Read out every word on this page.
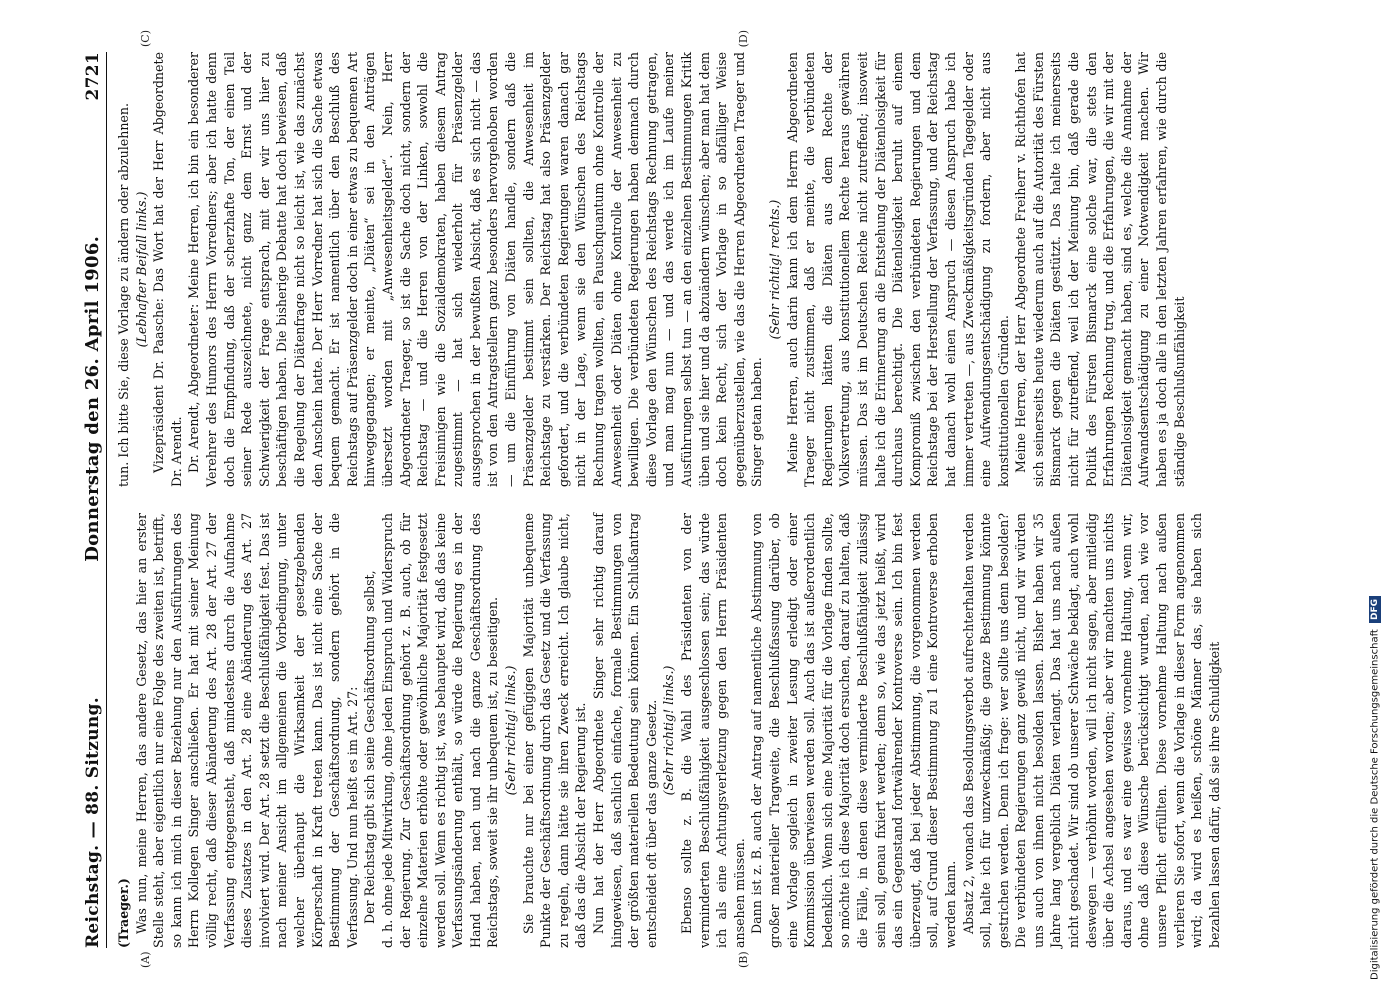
Reichstag. — 88. Sitzung.
Donnerstag den 26. April 1906.
2721
(A)	(B)

(Traeger.) Was nun, meine Herren, das andere Gesetz, das hier an erster Stelle steht, aber eigentlich nur eine Folge des zweiten ist, betrifft, so kann ich mich in dieser Beziehung nur den Ausführungen des Herrn Kollegen Singer anschließen. Er hat mit seiner Meinung völlig recht, daß dieser Abänderung des Art. 28 der Art. 27 der Verfassung entgegensteht, daß mindestens durch die Aufnahme dieses Zusatzes in den Art. 28 eine Abänderung des Art. 27 involviert wird. Der Art. 28 setzt die Beschlußfähigkeit fest. Das ist nach meiner Ansicht im allgemeinen die Vorbedingung, unter welcher überhaupt die Wirksamkeit der gesetzgebenden Körperschaft in Kraft treten kann. Das ist nicht eine Sache der Bestimmung der Geschäftsordnung, sondern gehört in die Verfassung. Und nun heißt es im Art. 27: Der Reichstag gibt sich seine Geschäftsordnung selbst, d. h. ohne jede Mitwirkung, ohne jeden Einspruch und Widerspruch der Regierung. Zur Geschäftsordnung gehört z. B. auch, ob für einzelne Materien erhöhte oder gewöhnliche Majorität festgesetzt werden soll. Wenn es richtig ist, was behauptet wird, daß das keine Verfassungsänderung enthält, so würde die Regierung es in der Hand haben, nach und nach die ganze Geschäftsordnung des Reichstags, soweit sie ihr unbequem ist, zu beseitigen. (Sehr richtig! links.) Sie brauchte nur bei einer gefügigen Majorität unbequeme Punkte der Geschäftsordnung durch das Gesetz und die Verfassung zu regeln, dann hätte sie ihren Zweck erreicht. Ich glaube nicht, daß das die Absicht der Regierung ist. Nun hat der Herr Abgeordnete Singer sehr richtig darauf hingewiesen, daß sachlich einfache, formale Bestimmungen von der größten materiellen Bedeutung sein können. Ein Schlußantrag entscheidet oft über das ganze Gesetz. (Sehr richtig! links.) Ebenso sollte z. B. die Wahl des Präsidenten von der verminderten Beschlußfähigkeit ausgeschlossen sein; das würde ich als eine Achtungsverletzung gegen den Herrn Präsidenten ansehen müssen. Dann ist z. B. auch der Antrag auf namentliche Abstimmung von großer materieller Tragweite, die Beschlußfassung darüber, ob eine Vorlage sogleich in zweiter Lesung erledigt oder einer Kommission überwiesen werden soll. Auch das ist außerordentlich bedenklich. Wenn sich eine Majorität für die Vorlage finden sollte, so möchte ich diese Majorität doch ersuchen, darauf zu halten, daß die Fälle, in denen diese verminderte Beschlußfähigkeit zulässig sein soll, genau fixiert werden; denn so, wie das jetzt heißt, wird das ein Gegenstand fortwährender Kontroverse sein. Ich bin fest überzeugt, daß bei jeder Abstimmung, die vorgenommen werden soll, auf Grund dieser Bestimmung zu 1 eine Kontroverse erhoben werden kann. Absatz 2, wonach das Besoldungsverbot aufrechterhalten werden soll, halte ich für unzweckmäßig; die ganze Bestimmung könnte gestrichen werden. Denn ich frage: wer sollte uns denn besolden? Die verbündeten Regierungen ganz gewiß nicht, und wir würden uns auch von ihnen nicht besolden lassen. Bisher haben wir 35 Jahre lang vergeblich Diäten verlangt. Das hat uns nach außen nicht geschadet. Wir sind ob unserer Schwäche beklagt, auch wohl deswegen — verhöhnt worden, will ich nicht sagen, aber mitleidig über die Achsel angesehen worden; aber wir machten uns nichts daraus, und es war eine gewisse vornehme Haltung, wenn wir, ohne daß diese Wünsche berücksichtigt wurden, nach wie vor unsere Pflicht erfüllten. Diese vornehme Haltung nach außen verlieren Sie sofort, wenn die Vorlage in dieser Form angenommen wird; da wird es heißen, schöne Männer das, sie haben sich bezahlen lassen dafür, daß sie ihre Schuldigkeit

(C)	(D)

tun. Ich bitte Sie, diese Vorlage zu ändern oder abzulehnen. (Lebhafter Beifall links.) Vizepräsident Dr. Paasche: Das Wort hat der Herr Abgeordnete Dr. Arendt. Dr. Arendt, Abgeordneter: Meine Herren, ich bin ein besonderer Verehrer des Humors des Herrn Vorredners; aber ich hatte denn doch die Empfindung, daß der scherzhafte Ton, der einen Teil seiner Rede auszeichnete, nicht ganz dem Ernst und der Schwierigkeit der Frage entsprach, mit der wir uns hier zu beschäftigen haben. Die bisherige Debatte hat doch bewiesen, daß die Regelung der Diätenfrage nicht so leicht ist, wie das zunächst den Anschein hatte. Der Herr Vorredner hat sich die Sache etwas bequem gemacht. Er ist namentlich über den Beschluß des Reichstags auf Präsenzgelder doch in einer etwas zu bequemen Art hinweggegangen; er meinte, „Diäten“ sei in den Anträgen übersetzt worden mit „Anwesenheitsgelder“. Nein, Herr Abgeordneter Traeger, so ist die Sache doch nicht, sondern der Reichstag — und die Herren von der Linken, sowohl die Freisinnigen wie die Sozialdemokraten, haben diesem Antrag zugestimmt — hat sich wiederholt für Präsenzgelder ausgesprochen in der bewußten Absicht, daß es sich nicht — das ist von den Antragstellern ganz besonders hervorgehoben worden — um die Einführung von Diäten handle, sondern daß die Präsenzgelder bestimmt sein sollten, die Anwesenheit im Reichstage zu verstärken. Der Reichstag hat also Präsenzgelder gefordert, und die verbündeten Regierungen waren danach gar nicht in der Lage, wenn sie den Wünschen des Reichstags Rechnung tragen wollten, ein Pauschquantum ohne Kontrolle der Anwesenheit oder Diäten ohne Kontrolle der Anwesenheit zu bewilligen. Die verbündeten Regierungen haben demnach durch diese Vorlage den Wünschen des Reichstags Rechnung getragen, und man mag nun — und das werde ich im Laufe meiner Ausführungen selbst tun — an den einzelnen Bestimmungen Kritik üben und sie hier und da abzuändern wünschen; aber man hat dem doch kein Recht, sich der Vorlage in so abfälliger Weise gegenüberzustellen, wie das die Herren Abgeordneten Traeger und Singer getan haben.

(Sehr richtig! rechts.) Meine Herren, auch darin kann ich dem Herrn Abgeordneten Traeger nicht zustimmen, daß er meinte, die verbündeten Regierungen hätten die Diäten aus dem Rechte der Volksvertretung, aus konstitutionellem Rechte heraus gewähren müssen. Das ist im Deutschen Reiche nicht zutreffend; insoweit halte ich die Erinnerung an die Entstehung der Diätenlosigkeit für durchaus berechtigt. Die Diätenlosigkeit beruht auf einem Kompromiß zwischen den verbündeten Regierungen und dem Reichstage bei der Herstellung der Verfassung, und der Reichstag hat danach wohl einen Anspruch — diesen Anspruch habe ich immer vertreten —, aus Zweckmäßigkeitsgründen Tagegelder oder eine Aufwendungsentschädigung zu fordern, aber nicht aus konstitutionellen Gründen. Meine Herren, der Herr Abgeordnete Freiherr v. Richthofen hat sich seinerseits heute wiederum auch auf die Autorität des Fürsten Bismarck gegen die Diäten gestützt. Das halte ich meinerseits nicht für zutreffend, weil ich der Meinung bin, daß gerade die Politik des Fürsten Bismarck eine solche war, die stets den Erfahrungen Rechnung trug, und die Erfahrungen, die wir mit der Diätenlosigkeit gemacht haben, sind es, welche die Annahme der Aufwandsentschädigung zu einer Notwendigkeit machen. Wir haben es ja doch alle in den letzten Jahren erfahren, wie durch die ständige Beschlußunfähigkeit

Digitalisierung gefördert durch die Deutsche Forschungsgemeinschaft
DFG
